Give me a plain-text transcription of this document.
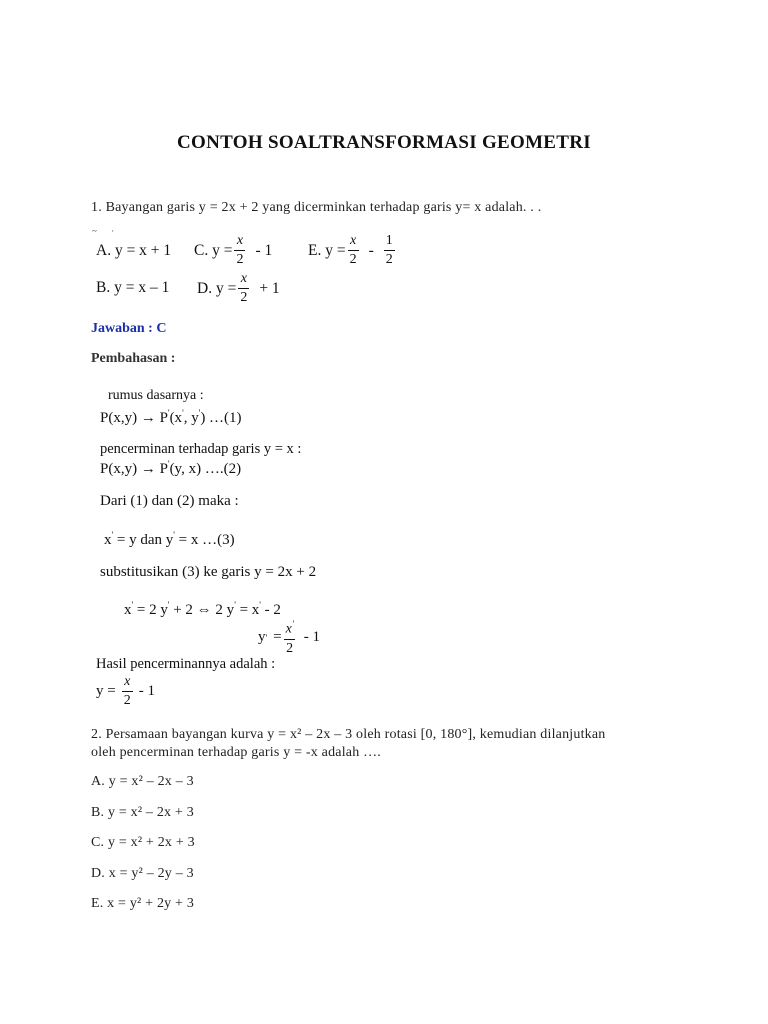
CONTOH SOALTRANSFORMASI GEOMETRI
1. Bayangan garis y = 2x + 2 yang dicerminkan terhadap garis y= x adalah. . .
~ ·
A. y = x + 1 C. $y = \frac{x}{2} - 1$ E. $y = \frac{x}{2} - \frac{1}{2}$
B. y = x – 1 D. $y = \frac{x}{2} + 1$
Jawaban : C
Pembahasan :
rumus dasarnya :
P(x,y) → P'(x', y') …(1)
pencerminan terhadap garis y = x :
P(x,y) → P'(y, x) ….(2)
Dari (1) dan (2) maka :
x' = y dan y' = x …(3)
substitusikan (3) ke garis y = 2x + 2
x' = 2 y' + 2 ⇔ 2 y' = x' - 2
y ' = $\frac{x'}{2} - 1$
Hasil pencerminannya adalah :
$y = \frac{x}{2} - 1$
2. Persamaan bayangan kurva y = x² – 2x – 3 oleh rotasi [0, 180°], kemudian dilanjutkan
oleh pencerminan terhadap garis y = -x adalah ….
A. y = x² – 2x – 3
B. y = x² – 2x + 3
C. y = x² + 2x + 3
D. x = y² – 2y – 3
E. x = y² + 2y + 3
